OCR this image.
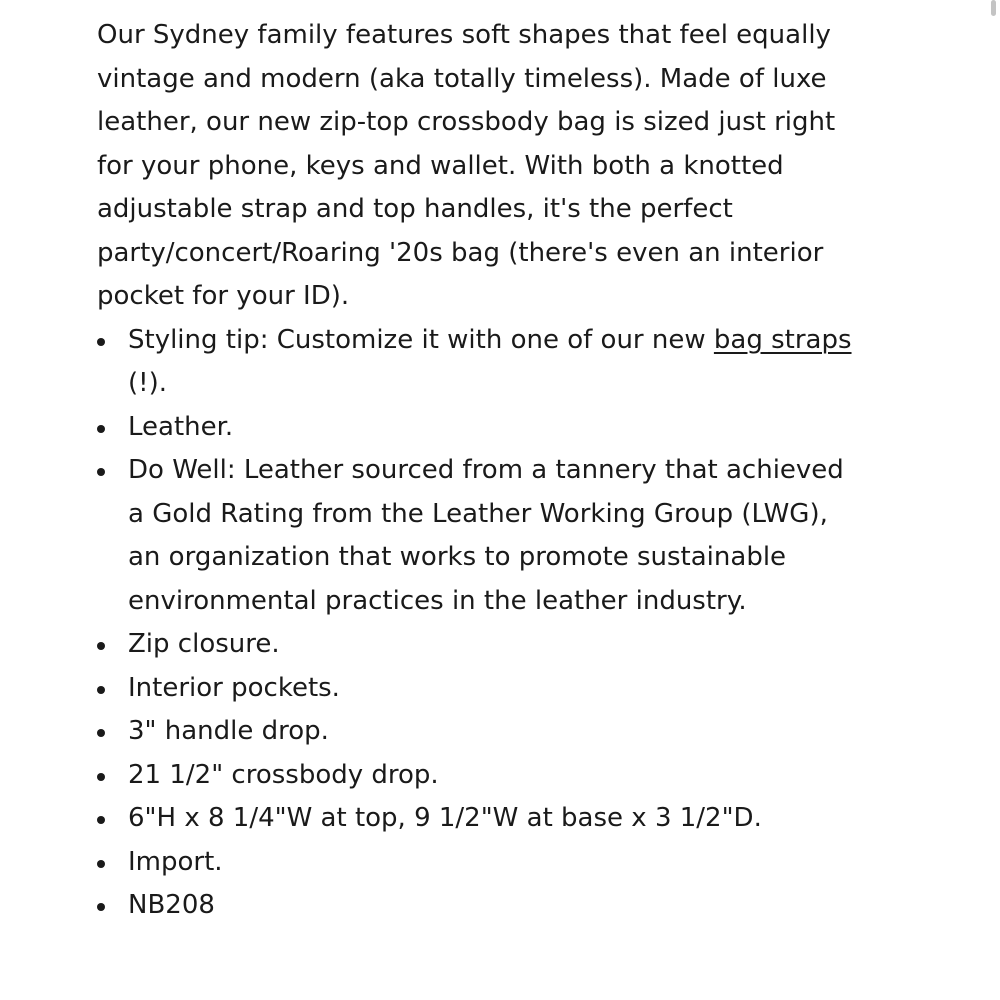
Our Sydney family features soft shapes that feel equally vintage and modern (aka totally timeless). Made of luxe leather, our new zip-top crossbody bag is sized just right for your phone, keys and wallet. With both a knotted adjustable strap and top handles, it's the perfect party/concert/Roaring '20s bag (there's even an interior pocket for your ID).

Styling tip: Customize it with one of our new bag straps (!).
Leather.
Do Well: Leather sourced from a tannery that achieved a Gold Rating from the Leather Working Group (LWG), an organization that works to promote sustainable environmental practices in the leather industry.
Zip closure.
Interior pockets.
3" handle drop.
21 1/2" crossbody drop.
6"H x 8 1/4"W at top, 9 1/2"W at base x 3 1/2"D.
Import.
NB208
